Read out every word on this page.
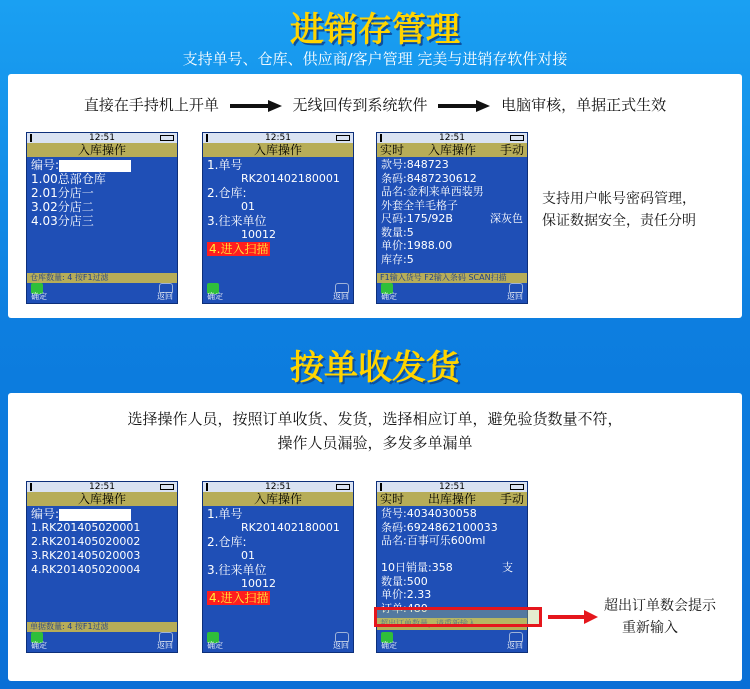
进销存管理
支持单号、仓库、供应商/客户管理 完美与进销存软件对接
直接在手持机上开单	无线回传到系统软件	电脑审核，单据正式生效
12:51
入库操作
编号:
1.00总部仓库
2.01分店一
3.02分店二
4.03分店三
仓库数量: 4 按F1过滤
确定	返回
12:51
入库操作
1.单号
RK201402180001
2.仓库:
01
3.往来单位
10012
4.进入扫描
确定	返回
12:51
实时 入库操作 手动
款号:848723
条码:8487230612
品名:金利来单西装男
外套全羊毛格子
尺码:175/92B	深灰色
数量:5
单价:1988.00
库存:5
F1输入货号 F2输入条码 SCAN扫描
确定	返回
支持用户帐号密码管理，
保证数据安全，责任分明
按单收发货
选择操作人员，按照订单收货、发货，选择相应订单，避免验货数量不符，
操作人员漏验，多发多单漏单
12:51
入库操作
编号:
1.RK201405020001
2.RK201405020002
3.RK201405020003
4.RK201405020004
单据数量: 4 按F1过滤
确定	返回
12:51
入库操作
1.单号
RK201402180001
2.仓库:
01
3.往来单位
10012
4.进入扫描
确定	返回
12:51
实时 出库操作 手动
货号:4034030058
条码:6924862100033
品名:百事可乐600ml

10日销量:358	支
数量:500
单价:2.33
订单:480
超出订单数量，请重新输入
确定	返回
超出订单数会提示
重新输入
